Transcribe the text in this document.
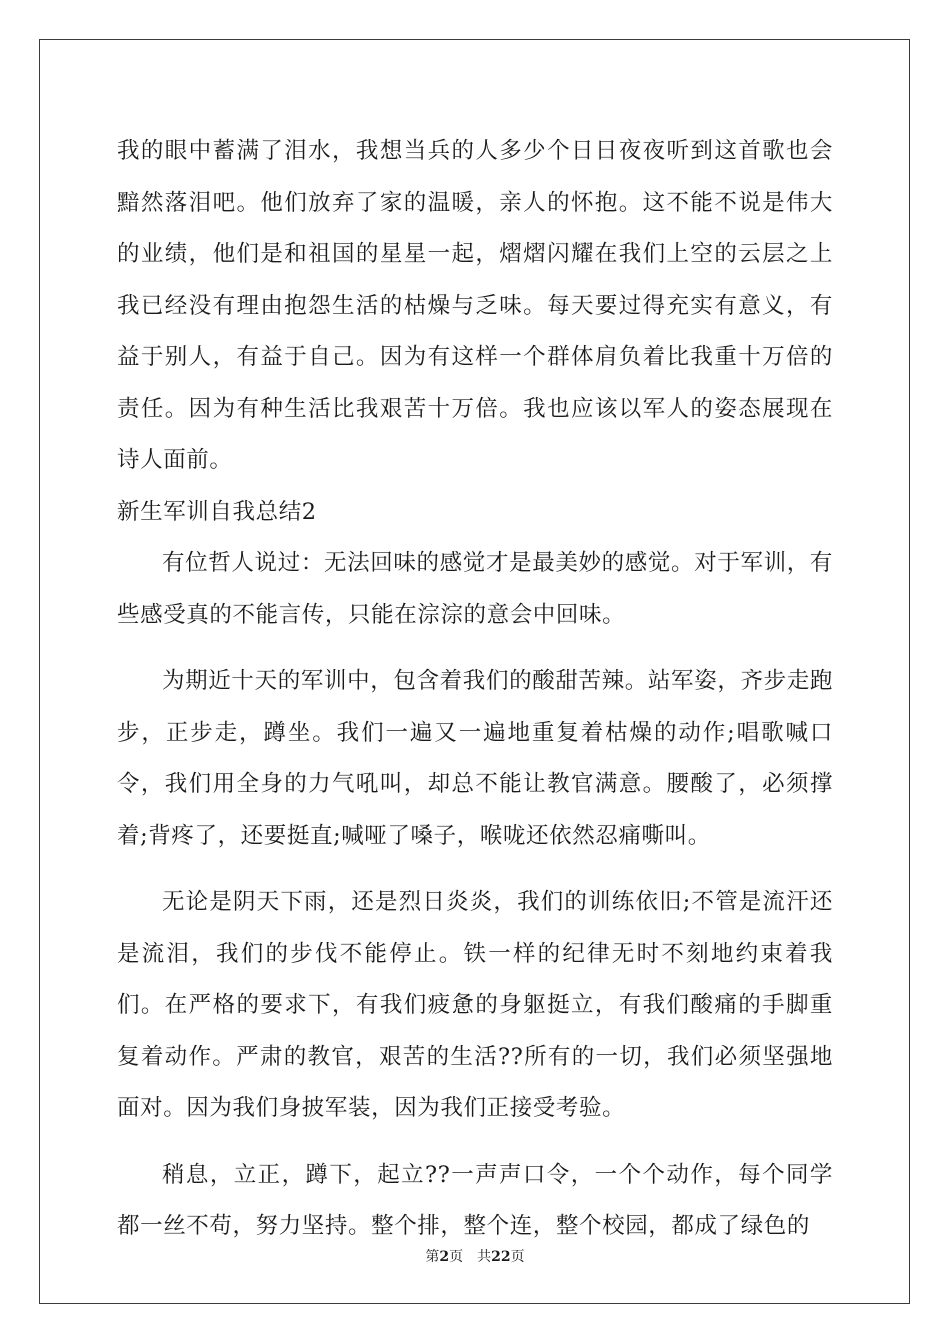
我的眼中蓄满了泪水，我想当兵的人多少个日日夜夜听到这首歌也会黯然落泪吧。他们放弃了家的温暖，亲人的怀抱。这不能不说是伟大的业绩，他们是和祖国的星星一起，熠熠闪耀在我们上空的云层之上我已经没有理由抱怨生活的枯燥与乏味。每天要过得充实有意义，有益于别人，有益于自己。因为有这样一个群体肩负着比我重十万倍的责任。因为有种生活比我艰苦十万倍。我也应该以军人的姿态展现在诗人面前。

新生军训自我总结2

有位哲人说过：无法回味的感觉才是最美妙的感觉。对于军训，有些感受真的不能言传，只能在淙淙的意会中回味。

为期近十天的军训中，包含着我们的酸甜苦辣。站军姿，齐步走跑步，正步走，蹲坐。我们一遍又一遍地重复着枯燥的动作;唱歌喊口令，我们用全身的力气吼叫，却总不能让教官满意。腰酸了，必须撑着;背疼了，还要挺直;喊哑了嗓子，喉咙还依然忍痛嘶叫。

无论是阴天下雨，还是烈日炎炎，我们的训练依旧;不管是流汗还是流泪，我们的步伐不能停止。铁一样的纪律无时不刻地约束着我们。在严格的要求下，有我们疲惫的身躯挺立，有我们酸痛的手脚重复着动作。严肃的教官，艰苦的生活??所有的一切，我们必须坚强地面对。因为我们身披军装，因为我们正接受考验。

稍息，立正，蹲下，起立??一声声口令，一个个动作，每个同学都一丝不苟，努力坚持。整个排，整个连，整个校园，都成了绿色的

第2页 共22页
